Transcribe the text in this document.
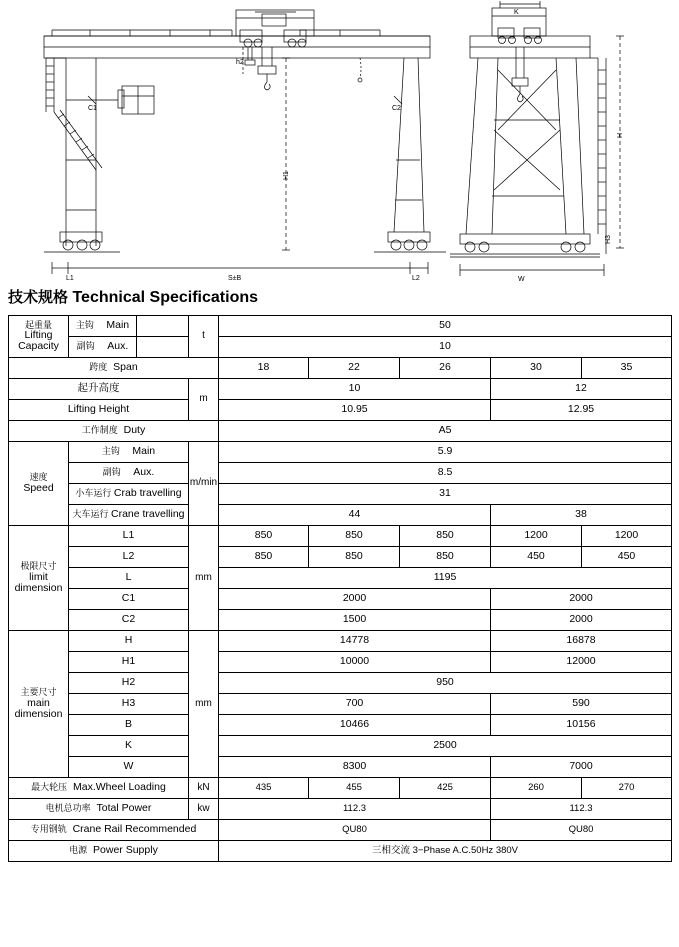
C1	C2
h2
H1
L1	L2
S±B
H
H3
W
K
技术规格 Technical Specifications
起重量
Lifting Capacity	主钩 Main		t	50				
	副钩 Aux.			10				
跨度 Span				18	22	26	30	35
起升高度			m	10			12	
Lifting Height				10.95			12.95	
工作制度 Duty				A5				

速度
Speed	主钩 Main		m/min	5.9				
	副钩 Aux.			8.5				
	小车运行 Crab travelling			31				
	大车运行 Crane travelling			44			38	

极限尺寸
limit dimension	L1		mm	850	850	850	1200	1200
	L2			850	850	850	450	450
	L			1195				
	C1			2000			2000	
	C2			1500			2000	

主要尺寸
main dimension	H		mm	14778			16878	
	H1			10000			12000	
	H2			950				
	H3			700			590	
	B			10466			10156	
	K			2500				
	W			8300			7000	
最大轮压 Max.Wheel Loading			kN	435	455	425	260	270
电机总功率 Total Power			kw	112.3			112.3	
专用钢轨 Crane Rail Recommended				QU80			QU80	
电源 Power Supply				三相交流 3−Phase A.C.50Hz 380V				
